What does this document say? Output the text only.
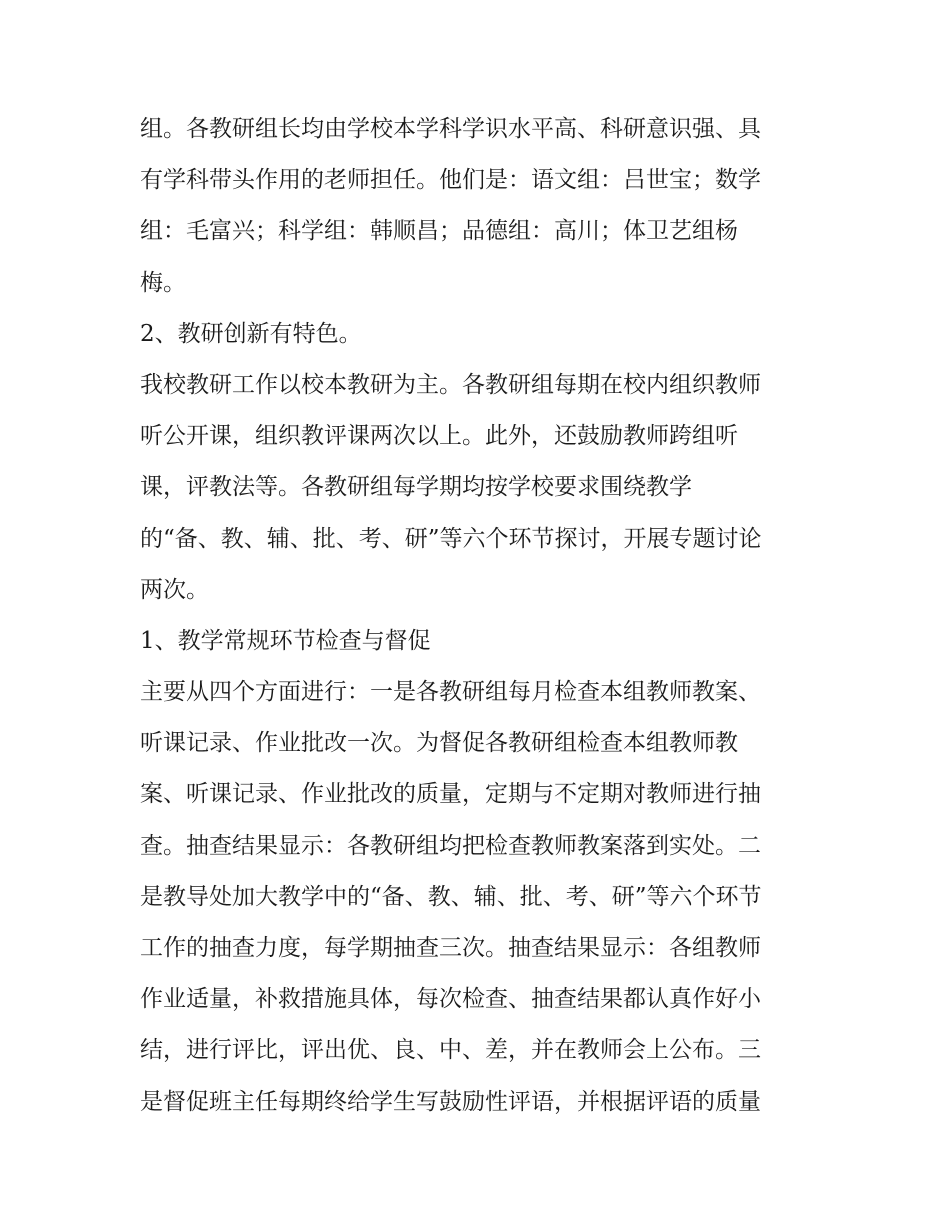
组。各教研组长均由学校本学科学识水平高、科研意识强、具
有学科带头作用的老师担任。他们是：语文组：吕世宝；数学
组：毛富兴；科学组：韩顺昌；品德组：高川；体卫艺组杨
梅。
2、教研创新有特色。
我校教研工作以校本教研为主。各教研组每期在校内组织教师
听公开课，组织教评课两次以上。此外，还鼓励教师跨组听
课，评教法等。各教研组每学期均按学校要求围绕教学
的“备、教、辅、批、考、研”等六个环节探讨，开展专题讨论
两次。
1、教学常规环节检查与督促
主要从四个方面进行：一是各教研组每月检查本组教师教案、
听课记录、作业批改一次。为督促各教研组检查本组教师教
案、听课记录、作业批改的质量，定期与不定期对教师进行抽
查。抽查结果显示：各教研组均把检查教师教案落到实处。二
是教导处加大教学中的“备、教、辅、批、考、研”等六个环节
工作的抽查力度，每学期抽查三次。抽查结果显示：各组教师
作业适量，补救措施具体，每次检查、抽查结果都认真作好小
结，进行评比，评出优、良、中、差，并在教师会上公布。三
是督促班主任每期终给学生写鼓励性评语，并根据评语的质量
